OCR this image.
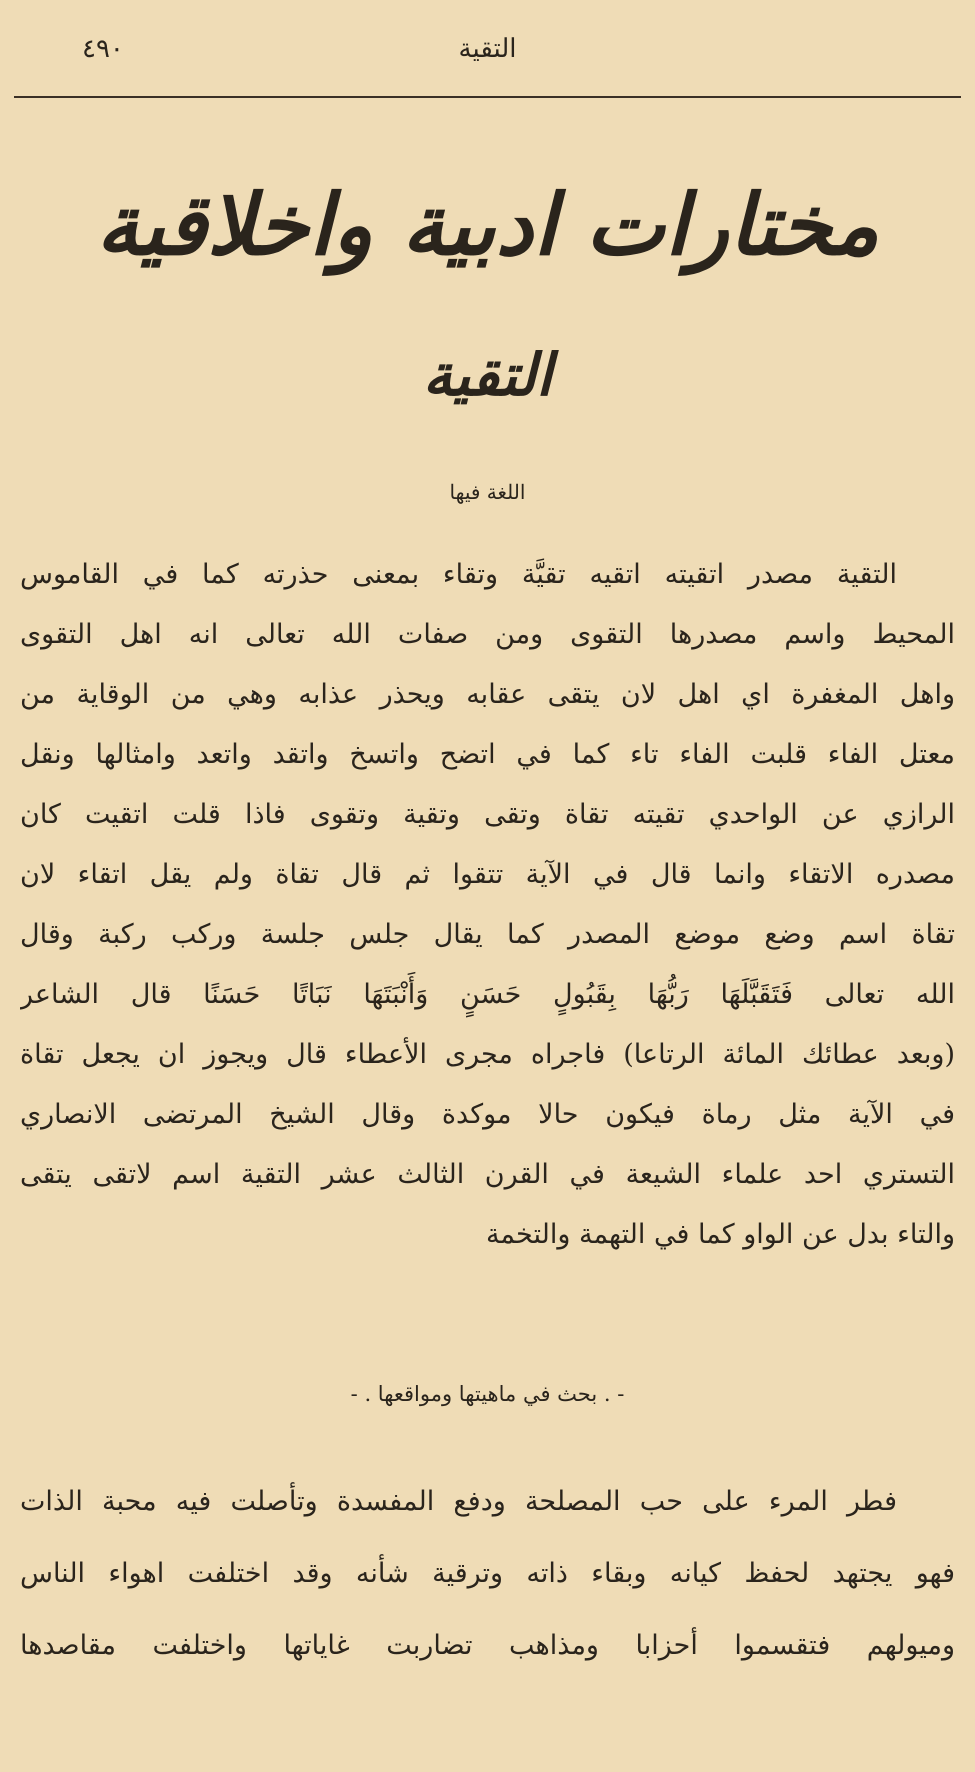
التقية
٤٩٠
مختارات ادبية واخلاقية
التقية
اللغة فيها
التقية مصدر اتقيته اتقيه تقيَّة وتقاء بمعنى حذرته كما في القاموس
المحيط واسم مصدرها التقوى ومن صفات الله تعالى انه اهل التقوى
واهل المغفرة اي اهل لان يتقى عقابه ويحذر عذابه وهي من الوقاية من
معتل الفاء قلبت الفاء تاء كما في اتضح واتسخ واتقد واتعد وامثالها ونقل
الرازي عن الواحدي تقيته تقاة وتقى وتقية وتقوى فاذا قلت اتقيت كان
مصدره الاتقاء وانما قال في الآية تتقوا ثم قال تقاة ولم يقل اتقاء لان
تقاة اسم وضع موضع المصدر كما يقال جلس جلسة وركب ركبة وقال
الله تعالى فَتَقَبَّلَهَا رَبُّهَا بِقَبُولٍ حَسَنٍ وَأَنْبَتَهَا نَبَاتًا حَسَنًا قال الشاعر
(وبعد عطائك المائة الرتاعا) فاجراه مجرى الأعطاء قال ويجوز ان يجعل تقاة
في الآية مثل رماة فيكون حالا موكدة وقال الشيخ المرتضى الانصاري
التستري احد علماء الشيعة في القرن الثالث عشر التقية اسم لاتقى يتقى
والتاء بدل عن الواو كما في التهمة والتخمة
- . بحث في ماهيتها ومواقعها . -
فطر المرء على حب المصلحة ودفع المفسدة وتأصلت فيه محبة الذات
فهو يجتهد لحفظ كيانه وبقاء ذاته وترقية شأنه وقد اختلفت اهواء الناس
وميولهم فتقسموا أحزابا ومذاهب تضاربت غاياتها واختلفت مقاصدها
